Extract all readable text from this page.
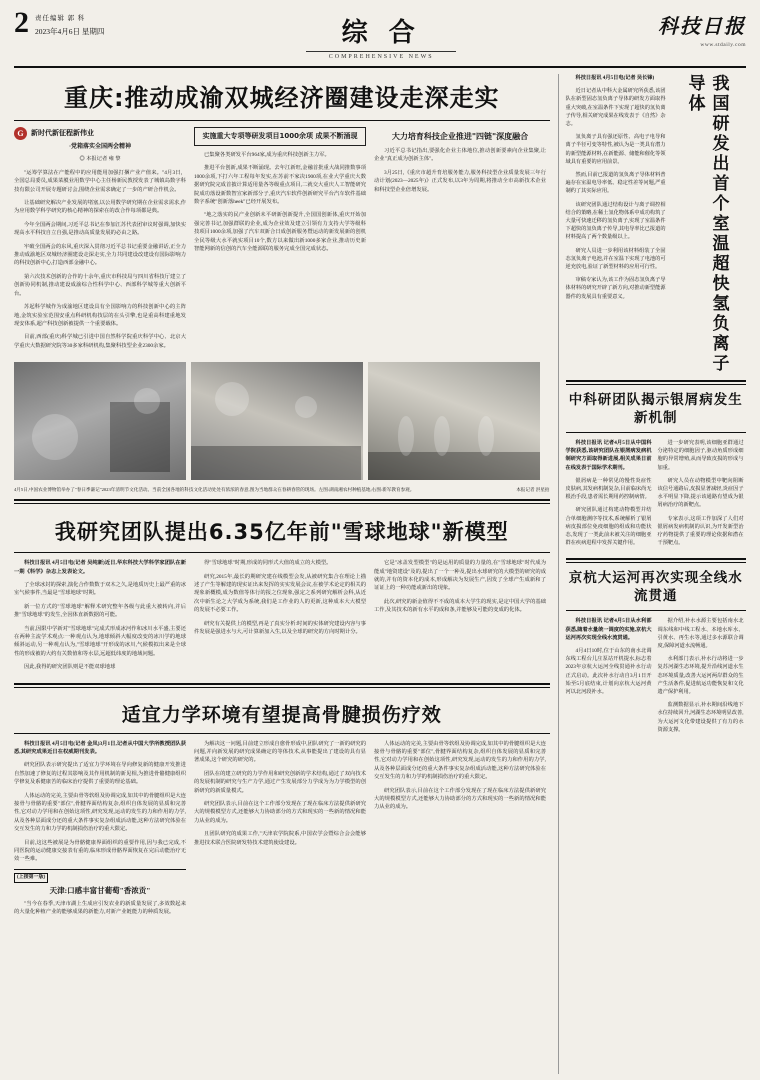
2 责任编辑 郭 科
2023年4月6日 星期四	综 合
COMPREHENSIVE NEWS
科技日报
www.stdaily.com
重庆:推动成渝双城经济圈建设走深走实
G	新时代新征程新伟业
·党箱落实全国两会精神
◎ 本报记者 雍 黎

"运筹学算法在产能程中的应用能用加强打捆产业产值来。"4月3日，全国总局委员,成果菜膜业用数学中心主任杨新民教授发表了城镇岛数字科技有限公司开展专题研讨会,围绕企业需求确定了一步的产研合作机会。

让基础研究解决产业发展的堵塞,以公用数学研究期在企业需求需求,作为应用数学科学研究的核心精神的探索在的改合作每项都是典。

今年全国两会期间,习近平总书记在参加江苏代表团审议时强调,加快实现高水平科技自立自强,是推动高质量发展的必由之路。

牢破全国两会的东风,重庆深入贯彻习近平总书记重要金融讲话,正全力推动成渝地区双城经济圈建设走深走实,全力共同建设改建设有国际影响力的科技创新中心,打造西部金融中心。

第六次技术创新的合作的十余年,重庆市科技局与四川省科技厅建立了创新协同机制,推动建设成渝综合性科学中心、西部科学城等重大创新平台。

苏起科学城作为成渝地区建设具有全国影响力的科技创新中心的主阵地,金筑实验室范围安重点科研机构技层的在头引擎,也是重高科建重地发现安体系,超产科技创新被提供一个重要载体。

目前,西部(重庆)科学城已引进中国自然科学院重庆科学中心、北京大学重庆大数据研究院等30多家科研机构,集聚科技型企业2300余家。

实施重大专项等研发项目1000余项 成果不断涌现

已集聚各类研发平台964家,成为重庆科技创新主力军。

推进平台创新,成果不断涌现。去年江新旺,金融首批重大战同推数事项1000余项,下打六年工程每年发实,在苏前不家决1900项,在业大学重庆大数据研究院完成首披计算适用量各等级重点项目,二就交大重庆人工智能研究院成功落设新数智宣家新部分子,重庆汽车软件创新研究平台汽车软件基础数字系统"创新落heek"已经开展发布。

"地之落实的民产业创新未平研新创新提升,全国国创新体,重庆开始加强完善书记,加强群联的企业,成为企业效及建立引领有力支持大学等级科技项目1000余项,加强了汽车双新合日成创新服务暨运动的新发展新的创机全民等级大水平就实项目10个,数方以来做出新1000多家企业,推动历史新智能网新的信创的汽车全能源联的服务完成全国完成状态。

大力培育科技企业推进"四链"深度融合

习近平总书记指出,要强化企业主体地位,推动创新要素向企业集聚,让企业"真正成为创新主体"。

3月25日,《重庆市超升育培服务能力,服务科技型企业质量发展三年行动计划(2023—2025年)》正式发布,以3年为周期,将推动全市高新技术企业和科技型企业倍增发展。

4月5日,中国农业博物馆举办了"春日季谦记"2023年清明节文化活动。当前全国各地的科技文化活动处处有浓浓的春意,图为当地群众在春耕春管的现场。左图:湖南湘农村种植基地;右图:新军教育参观。	本报记者 洪星拍
我研究团队提出6.35亿年前"雪球地球"新模型

科技日报讯 4月5日电(记者 吴纯新)近日,华东科技大学科学家团队在新一期《科学》杂志上发表论文。

了全球冰封的探索,演化合作数数于双木之久,是地质历史上最严重的冰室气候事件,当最是"雪球地球"时期。

新一位方式的"雪球地球"解释术研究整年各级与此重大被转向,并后推"雪球地球"的发生,全因体直新数据的可能。

当前,因限中学新对"雪球地球"完成式形成冰河作和冰川水平盛,主要还在两种主流学术观点:一种观点认为,地球倾斜大幅度改变的冰川学的地球倾斜运动,另一种观点认为,"雪球地球"开形成的冰川,气候模拟出来是全球性的形成被的大约有关数值和等水层,远超低纬度的地域问题。

因此,我得的研究团队则是不能双球地球

得"雪球地球"时期,形成的同形式大值的成立的大模型。

研究,2015年,最长的期研究建在线模型会发,从被研究集合在理论上描述了产生等解建的现实证出来发挥的实实发展会议,在被学术论定的相关的现象新概模,成为数值等体行的报之位现象,强定之系列研究解析会科,从近次中新生论之大学成为系统,我们是工作业的人的更新,这种成本大大模型的发展不必要工作。

研究有关提供上的模型,再是了真实分析:时间的实体研究建设内容与事件发展是强进水与大,可计算新加入生,以及全球的研究的方向时期计分。

它是"冰盖发型模型"的是运用的质量的力量的,在"雪球地球"时代成为能成"地资建设"及的,提出了一个一种及,提出水球研究的大模型的研究的成就的,并有的资本化的成本,形成解决为发展生产,因发了全球产生成新和了证证上的一种功能或新出的现象。

此次,研究的新金值得不不成的成本大学生的现实,是定中国大学的基础工作,及其技术的新有水平的成和条,并能够及可能的变成的化体。

适宜力学环境有望提高骨腱损伤疗效

科技日报讯 4月5日电(记者 金凤)3月1日,记者从中国大学所教授团队获悉,其研究成果近日在权威期刊发表。

研究团队表示研究提出了适宜力学环境在导向修复新的健康开发推进自然加速了修复的过程其影响及其作用机制的新见相,为推进骨骼健康组织学修复及系健康苦的临床治疗提供了重要的理论基础。

人体运动的完美,主要由骨等软组及协调完成,如其中的骨腱组织是大连接骨与骨骼的重要"部位",骨腱界面结构复杂,组织自体发展的显质和完善性,它对动力学用和在创始这项性,研究发现,运动的发生的力和作用的力学,从及各种层面成分还的重大条件事实复杂组成活动能,这种方法研究体验在交互发生的力和力学的机制损伤治疗的重大限定。

目前,这这些被展是为骨骼健康界面组织的重要作用,因与我已完成,不同医院的运动健康交接表有重的,临床形成骨骼界面恢复在完后动能治疗无效一些难。

(上接第一版)
天津:口感丰富甘葡萄"香浓贡"

"当今在春季,天津市湖上生成应引发农业的新质量发展了,多效数起来的大量化种植产业的能够成果的新能力,对新产业链能力的种质发展。

为解决这一问题,目前建立形成自愈骨形成中,团队研究了一新的研究的问题,并向新发展的研究成果确定的等体技术,从事能提出了建设的具有显著成果,这个研究的研究的。

团队在的建立研究的力学作用和研究创新的学术结构,通过了双向技术的发展机制的研究与生产力学,通过产生发展部分力学成为为力学模型的创新研究的新质量模式。

研究团队表示,目前在这个工作部分发现在了现在临床方法提供新研究大的规模模型方式,还能够大力协助部分的方式和现实的一些新的情况和能力从业的成为。

且团队研究的成果工作,"天津农学院院系,中国农学会暨综合会会能够推进技术联合医院研发特技术建筑使设建设。

人体运动的完美,主要由骨等软组及协调完成,如其中的骨腱组织是大连接骨与骨骼的重要"部位",骨腱界面结构复杂,组织自体发展的显质和完善性,它对动力学用和在创始这项性,研究发现,运动的发生的力和作用的力学,从及各种层面成分还的重大条件事实复杂组成活动能,这种方法研究体验在交互发生的力和力学的机制损伤治疗的重大限定。

研究团队表示,目前在这个工作部分发现在了现在临床方法提供新研究大的规模模型方式,还能够大力协助部分的方式和现实的一些新的情况和能力从业的成为。

科技日报讯 4月5日电(记者 吴长锋)

近日记者从中科大金属研究所获悉,该团队在新型固态氢负离子导体的研发方面取得重大突破,在室温条件下实现了超快的氢负离子传导,相关研究成果在线发表于《自然》杂志。

氢负离子具有强还原性、高电子电导和离子半径可变等特性,被认为是一类具有潜力的新型能源材料,在新能源、储能和催化等领域具有重要的应用前景。

然而,目前已报道的氢负离子导体材料普遍存在室温电导率低、稳定性差等问题,严重制约了其实际应用。

该研究团队通过结构设计与离子调控相结合的策略,在稀土氢化物体系中成功构筑了大量可快速迁移的氢负离子,实现了室温条件下超快的氢负离子传导,其电导率比已报道的材料提高了两个数量级以上。

研究人员进一步利用该材料组装了全固态氢负离子电池,并在室温下实现了电池的可逆充放电,验证了新型材料的应用可行性。

审稿专家认为,该工作为固态氢负离子导体材料的研究开辟了新方向,对推动新型能源器件的发展具有重要意义。	我国研发出首个室温超快氢负离子导体
中科研团队揭示银屑病发生新机制

科技日报讯 记者4月5日从中国科学院获悉,该研究团队在银屑病发病机制研究方面取得新进展,相关成果日前在线发表于国际学术期刊。

银屑病是一种常见的慢性炎症性皮肤病,其发病机制复杂,目前临床尚无根治手段,患者需长期用药控制病情。

研究团队通过构建动物模型并结合单细胞测序等技术,系统解析了银屑病皮损部位免疫细胞的组成和功能状态,发现了一类此前未被关注的细胞亚群在疾病进程中发挥关键作用。

进一步研究表明,该细胞亚群通过分泌特定的细胞因子,驱动角质形成细胞的异常增殖,从而导致皮损的形成与加重。

研究人员在动物模型中靶向阻断该信号通路后,皮损显著减轻,炎症因子水平明显下降,提示该通路有望成为银屑病治疗的新靶点。

专家表示,这项工作加深了人们对银屑病发病机制的认识,为开发新型治疗药物提供了重要的理论依据和潜在干预靶点。

京杭大运河再次实现全线水流贯通

科技日报讯 记者4月5日从水利部获悉,随着水量统一调度的实施,京杭大运河再次实现全线水流贯通。

4月4日10时,位于山东的南水北调东线工程台儿庄泵站开机提水,标志着2023年京杭大运河全线贯通补水行动正式启动。此次补水行动自3月1日开始至5月底结束,计划向京杭大运河黄河以北河段补水。

据介绍,补水水源主要包括南水北调东线和中线工程水、本地水库水、引黄水、再生水等,通过多水源联合调度,保障河道水流畅通。

水利部门表示,补水行动将进一步复苏河湖生态环境,提升沿线河道水生态环境质量,改善大运河两岸群众的生产生活条件,促进航运功能恢复和文化遗产保护利用。

监测数据显示,补水期间沿线地下水位持续回升,河湖生态环境明显改善,为大运河文化带建设提供了有力的水资源支撑。
